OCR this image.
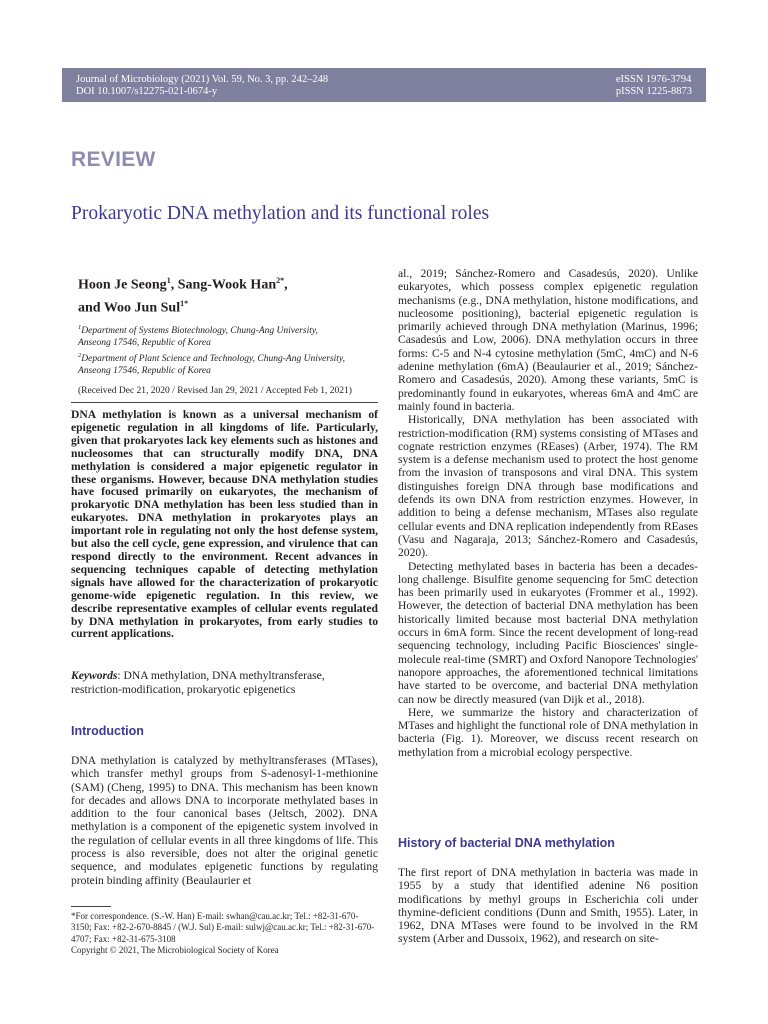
Journal of Microbiology (2021) Vol. 59, No. 3, pp. 242–248
DOI 10.1007/s12275-021-0674-y
eISSN 1976-3794
pISSN 1225-8873
REVIEW
Prokaryotic DNA methylation and its functional roles
Hoon Je Seong$^1$, Sang-Wook Han$^{2*}$,
and Woo Jun Sul$^{1*}$
$^1$Department of Systems Biotechnology, Chung-Ang University,
Anseong 17546, Republic of Korea
$^2$Department of Plant Science and Technology, Chung-Ang University,
Anseong 17546, Republic of Korea
(Received Dec 21, 2020 / Revised Jan 29, 2021 / Accepted Feb 1, 2021)
DNA methylation is known as a universal mechanism of epigenetic regulation in all kingdoms of life. Particularly, given that prokaryotes lack key elements such as histones and nucleosomes that can structurally modify DNA, DNA methylation is considered a major epigenetic regulator in these organisms. However, because DNA methylation studies have focused primarily on eukaryotes, the mechanism of prokaryotic DNA methylation has been less studied than in eukaryotes. DNA methylation in prokaryotes plays an important role in regulating not only the host defense system, but also the cell cycle, gene expression, and virulence that can respond directly to the environment. Recent advances in sequencing techniques capable of detecting methylation signals have allowed for the characterization of prokaryotic genome-wide epigenetic regulation. In this review, we describe representative examples of cellular events regulated by DNA methylation in prokaryotes, from early studies to current applications.
Keywords: DNA methylation, DNA methyltransferase, restriction-modification, prokaryotic epigenetics
Introduction
DNA methylation is catalyzed by methyltransferases (MTases), which transfer methyl groups from S-adenosyl-1-methionine (SAM) (Cheng, 1995) to DNA. This mechanism has been known for decades and allows DNA to incorporate methylated bases in addition to the four canonical bases (Jeltsch, 2002). DNA methylation is a component of the epigenetic system involved in the regulation of cellular events in all three kingdoms of life. This process is also reversible, does not alter the original genetic sequence, and modulates epigenetic functions by regulating protein binding affinity (Beaulaurier et
*For correspondence. (S.-W. Han) E-mail: swhan@cau.ac.kr; Tel.: +82-31-670-3150; Fax: +82-2-670-8845 / (W.J. Sul) E-mail: sulwj@cau.ac.kr; Tel.: +82-31-670-4707; Fax: +82-31-675-3108
Copyright © 2021, The Microbiological Society of Korea

al., 2019; Sánchez-Romero and Casadesús, 2020). Unlike eukaryotes, which possess complex epigenetic regulation mechanisms (e.g., DNA methylation, histone modifications, and nucleosome positioning), bacterial epigenetic regulation is primarily achieved through DNA methylation (Marinus, 1996; Casadesús and Low, 2006). DNA methylation occurs in three forms: C-5 and N-4 cytosine methylation (5mC, 4mC) and N-6 adenine methylation (6mA) (Beaulaurier et al., 2019; Sánchez-Romero and Casadesús, 2020). Among these variants, 5mC is predominantly found in eukaryotes, whereas 6mA and 4mC are mainly found in bacteria.

Historically, DNA methylation has been associated with restriction-modification (RM) systems consisting of MTases and cognate restriction enzymes (REases) (Arber, 1974). The RM system is a defense mechanism used to protect the host genome from the invasion of transposons and viral DNA. This system distinguishes foreign DNA through base modifications and defends its own DNA from restriction enzymes. However, in addition to being a defense mechanism, MTases also regulate cellular events and DNA replication independently from REases (Vasu and Nagaraja, 2013; Sánchez-Romero and Casadesús, 2020).

Detecting methylated bases in bacteria has been a decades-long challenge. Bisulfite genome sequencing for 5mC detection has been primarily used in eukaryotes (Frommer et al., 1992). However, the detection of bacterial DNA methylation has been historically limited because most bacterial DNA methylation occurs in 6mA form. Since the recent development of long-read sequencing technology, including Pacific Biosciences' single-molecule real-time (SMRT) and Oxford Nanopore Technologies' nanopore approaches, the aforementioned technical limitations have started to be overcome, and bacterial DNA methylation can now be directly measured (van Dijk et al., 2018).

Here, we summarize the history and characterization of MTases and highlight the functional role of DNA methylation in bacteria (Fig. 1). Moreover, we discuss recent research on methylation from a microbial ecology perspective.

History of bacterial DNA methylation
The first report of DNA methylation in bacteria was made in 1955 by a study that identified adenine N6 position modifications by methyl groups in Escherichia coli under thymine-deficient conditions (Dunn and Smith, 1955). Later, in 1962, DNA MTases were found to be involved in the RM system (Arber and Dussoix, 1962), and research on site-
